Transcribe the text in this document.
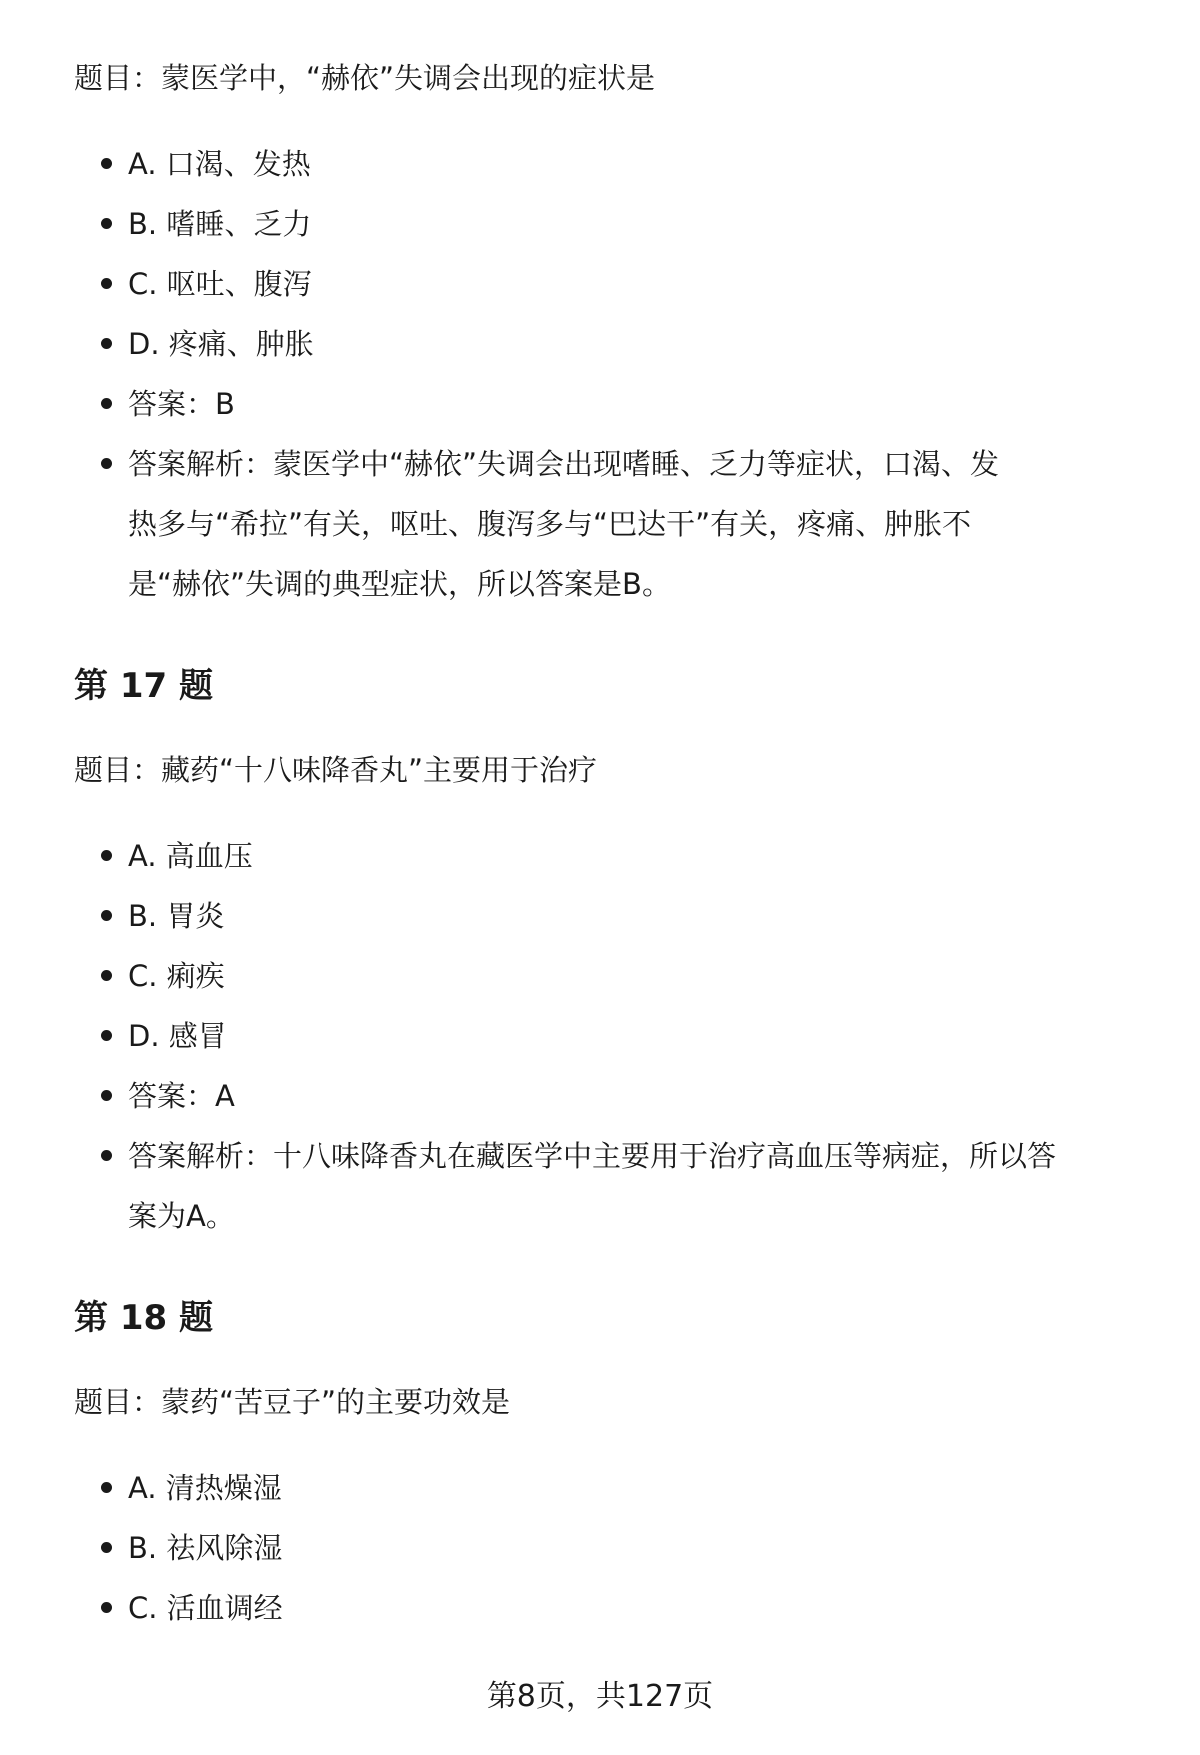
题目：蒙医学中，“赫依”失调会出现的症状是

A. 口渴、发热
B. 嗜睡、乏力
C. 呕吐、腹泻
D. 疼痛、肿胀
答案：B
答案解析：蒙医学中“赫依”失调会出现嗜睡、乏力等症状，口渴、发热多与“希拉”有关，呕吐、腹泻多与“巴达干”有关，疼痛、肿胀不是“赫依”失调的典型症状，所以答案是B。
第 17 题

题目：藏药“十八味降香丸”主要用于治疗

A. 高血压
B. 胃炎
C. 痢疾
D. 感冒
答案：A
答案解析：十八味降香丸在藏医学中主要用于治疗高血压等病症，所以答案为A。
第 18 题

题目：蒙药“苦豆子”的主要功效是

A. 清热燥湿
B. 祛风除湿
C. 活血调经
第8页，共127页
